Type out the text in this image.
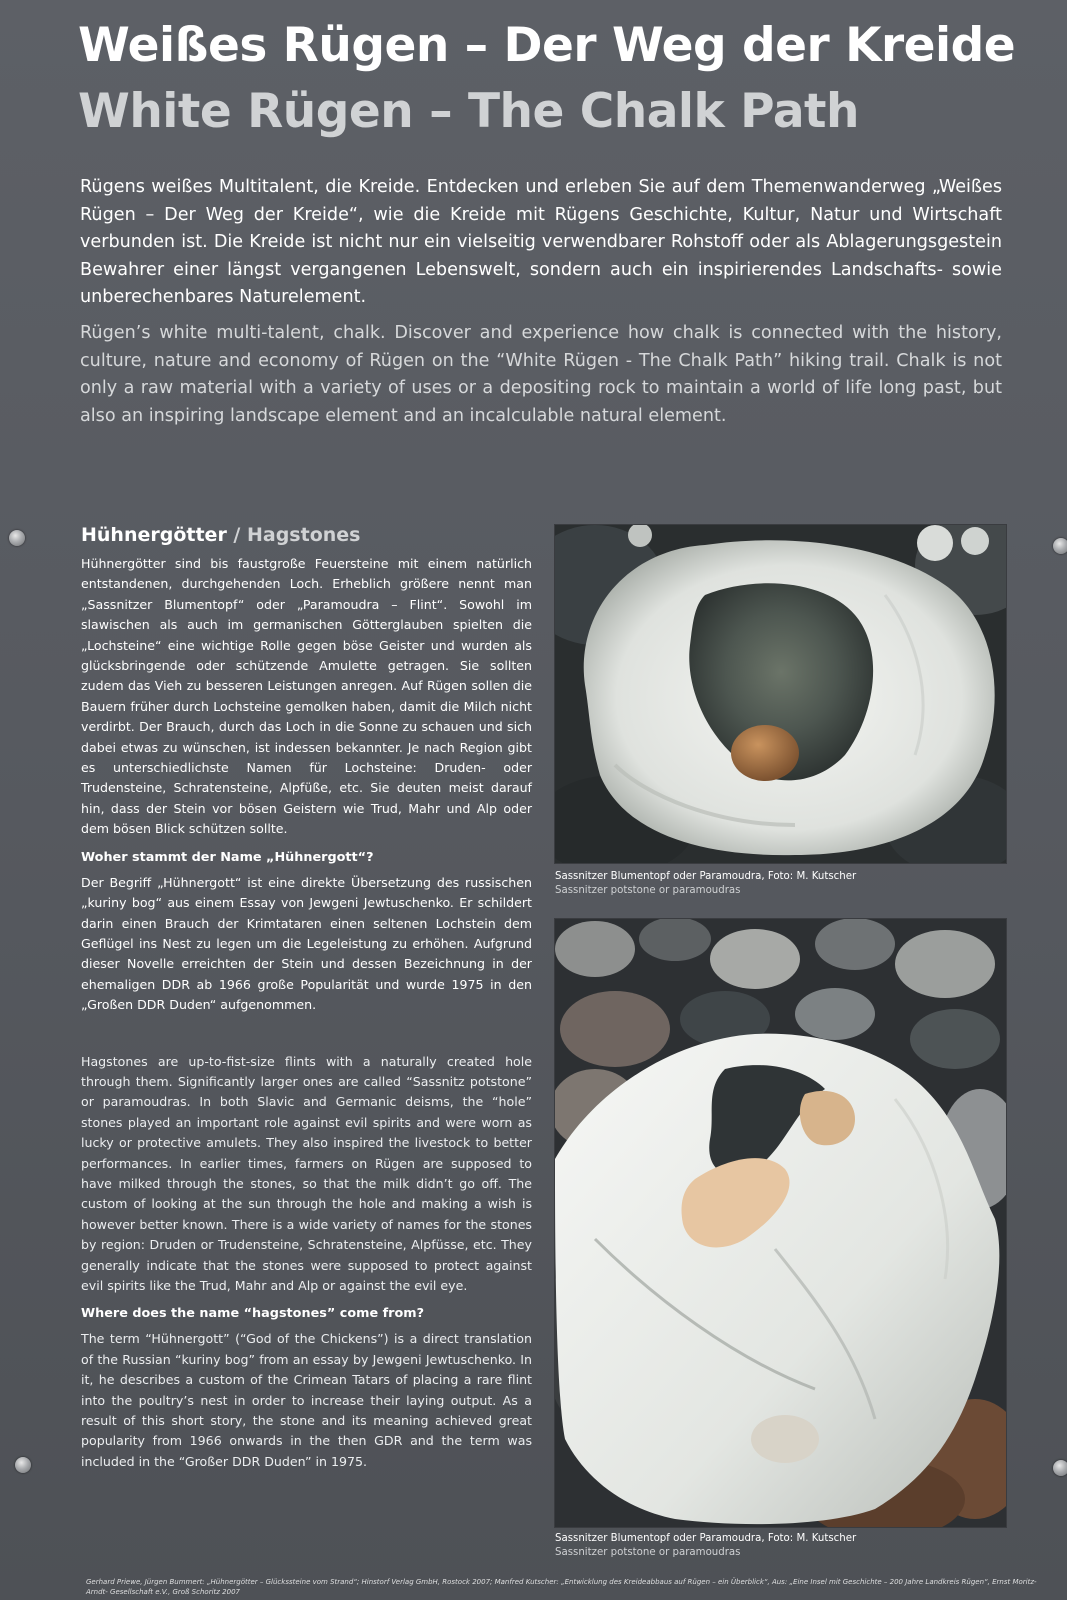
Weißes Rügen – Der Weg der Kreide
White Rügen – The Chalk Path

Rügens weißes Multitalent, die Kreide. Entdecken und erleben Sie auf dem Themenwanderweg „Weißes Rügen – Der Weg der Kreide“, wie die Kreide mit Rügens Geschichte, Kultur, Natur und Wirtschaft verbunden ist. Die Kreide ist nicht nur ein vielseitig verwendbarer Rohstoff oder als Ablagerungsgestein Bewahrer einer längst vergangenen Lebenswelt, sondern auch ein inspirierendes Landschafts- sowie unberechenbares Naturelement.

Rügen’s white multi-talent, chalk. Discover and experience how chalk is connected with the history, culture, nature and economy of Rügen on the “White Rügen - The Chalk Path” hiking trail. Chalk is not only a raw material with a variety of uses or a depositing rock to maintain a world of life long past, but also an inspiring landscape element and an incalculable natural element.

Hühnergötter / Hagstones

Hühnergötter sind bis faustgroße Feuersteine mit einem natürlich entstandenen, durchgehenden Loch. Erheblich größere nennt man „Sassnitzer Blumentopf“ oder „Paramoudra – Flint“. Sowohl im slawischen als auch im germanischen Götterglauben spielten die „Lochsteine“ eine wichtige Rolle gegen böse Geister und wurden als glücksbringende oder schützende Amulette getragen. Sie sollten zudem das Vieh zu besseren Leistungen anregen. Auf Rügen sollen die Bauern früher durch Lochsteine gemolken haben, damit die Milch nicht verdirbt. Der Brauch, durch das Loch in die Sonne zu schauen und sich dabei etwas zu wünschen, ist indessen bekannter. Je nach Region gibt es unterschiedlichste Namen für Lochsteine: Druden- oder Trudensteine, Schratensteine, Alpfüße, etc. Sie deuten meist darauf hin, dass der Stein vor bösen Geistern wie Trud, Mahr und Alp oder dem bösen Blick schützen sollte.

Woher stammt der Name „Hühnergott“?

Der Begriff „Hühnergott“ ist eine direkte Übersetzung des russischen „kuriny bog“ aus einem Essay von Jewgeni Jewtuschenko. Er schildert darin einen Brauch der Krimtataren einen seltenen Lochstein dem Geflügel ins Nest zu legen um die Legeleistung zu erhöhen. Aufgrund dieser Novelle erreichten der Stein und dessen Bezeichnung in der ehemaligen DDR ab 1966 große Popularität und wurde 1975 in den „Großen DDR Duden“ aufgenommen.

Hagstones are up-to-fist-size flints with a naturally created hole through them. Significantly larger ones are called “Sassnitz potstone” or paramoudras. In both Slavic and Germanic deisms, the “hole” stones played an important role against evil spirits and were worn as lucky or protective amulets. They also inspired the livestock to better performances. In earlier times, farmers on Rügen are supposed to have milked through the stones, so that the milk didn’t go off. The custom of looking at the sun through the hole and making a wish is however better known. There is a wide variety of names for the stones by region: Druden or Trudensteine, Schratensteine, Alpfüsse, etc. They generally indicate that the stones were supposed to protect against evil spirits like the Trud, Mahr and Alp or against the evil eye.

Where does the name “hagstones” come from?

The term “Hühnergott” (“God of the Chickens”) is a direct translation of the Russian “kuriny bog” from an essay by Jewgeni Jewtuschenko. In it, he describes a custom of the Crimean Tatars of placing a rare flint into the poultry’s nest in order to increase their laying output. As a result of this short story, the stone and its meaning achieved great popularity from 1966 onwards in the then GDR and the term was included in the “Großer DDR Duden” in 1975.

Sassnitzer Blumentopf oder Paramoudra, Foto: M. Kutscher
Sassnitzer potstone or paramoudras
Sassnitzer Blumentopf oder Paramoudra, Foto: M. Kutscher
Sassnitzer potstone or paramoudras
Gerhard Priewe, Jürgen Bummert: „Hühnergötter – Glückssteine vom Strand“; Hinstorf Verlag GmbH, Rostock 2007; Manfred Kutscher: „Entwicklung des Kreideabbaus auf Rügen – ein Überblick“, Aus: „Eine Insel mit Geschichte – 200 Jahre Landkreis Rügen“, Ernst Moritz-Arndt- Gesellschaft e.V., Groß Schoritz 2007
